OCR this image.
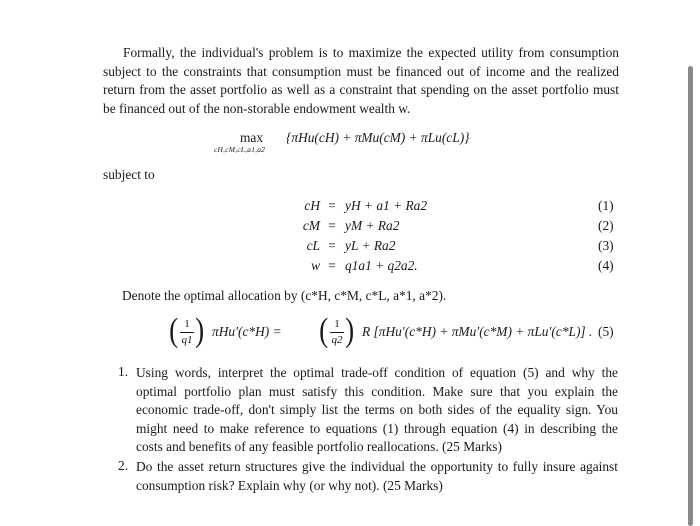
Formally, the individual's problem is to maximize the expected utility from consumption subject to the constraints that consumption must be financed out of income and the realized return from the asset portfolio as well as a constraint that spending on the asset portfolio must be financed out of the non-storable endowment wealth w.

max
cH,cM,cL,a1,a2
{πHu(cH) + πMu(cM) + πLu(cL)}
subject to
cH = yH + a1 + Ra2	(1)
cM = yM + Ra2	(2)
cL = yL + Ra2	(3)
w = q1a1 + q2a2.	(4)
Denote the optimal allocation by (c*H, c*M, c*L, a*1, a*2).
( 1
q1 ) πHu′(c*H) = ( 1
q2 ) R [πHu′(c*H) + πMu′(c*M) + πLu′(c*L)] . (5)
1. Using words, interpret the optimal trade-off condition of equation (5) and why the optimal portfolio plan must satisfy this condition. Make sure that you explain the economic trade-off, don't simply list the terms on both sides of the equality sign. You might need to make reference to equations (1) through equation (4) in describing the costs and benefits of any feasible portfolio reallocations. (25 Marks)
2. Do the asset return structures give the individual the opportunity to fully insure against consumption risk? Explain why (or why not). (25 Marks)
